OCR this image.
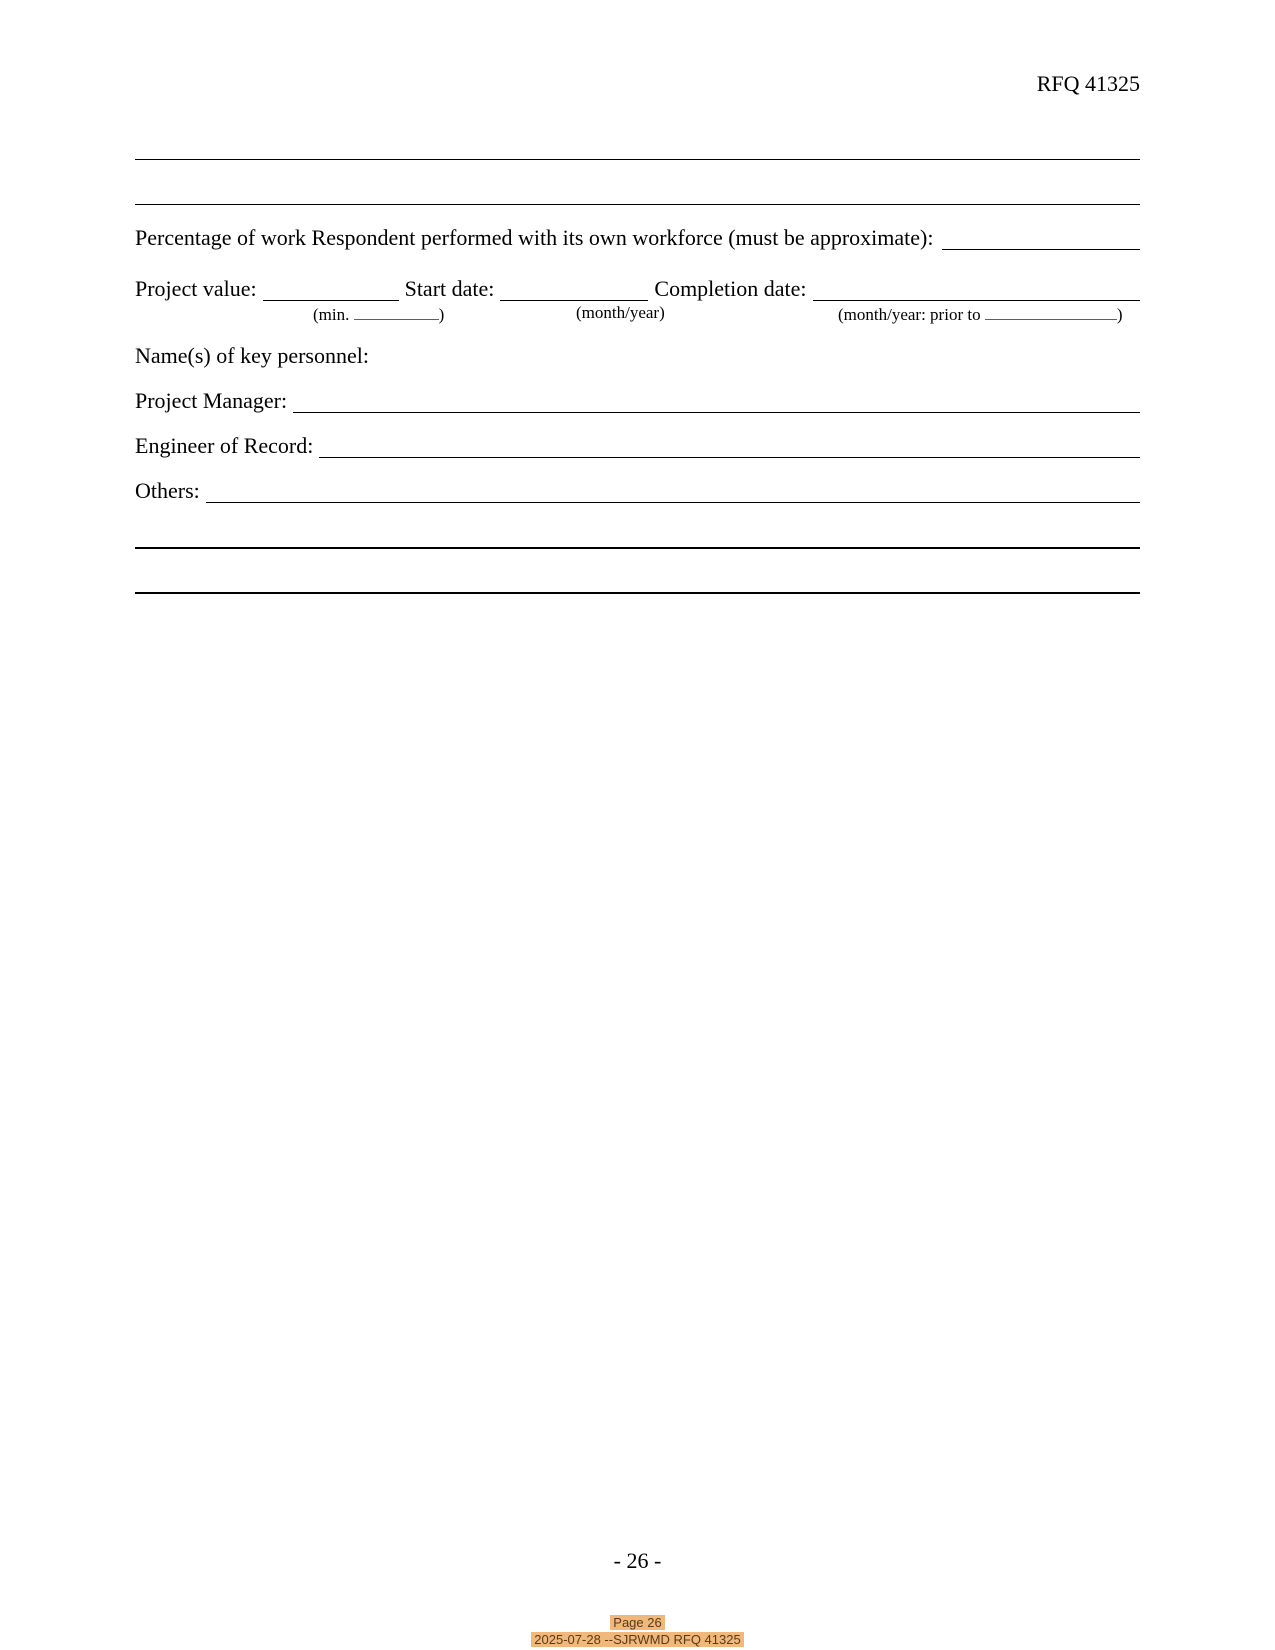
RFQ 41325
Percentage of work Respondent performed with its own workforce (must be approximate):
Project value:	Start date:	Completion date:
(min.	)	(month/year)	(month/year: prior to	)
Name(s) of key personnel:
Project Manager:
Engineer of Record:
Others:
- 26 -
Page 26
2025-07-28 --SJRWMD RFQ 41325
